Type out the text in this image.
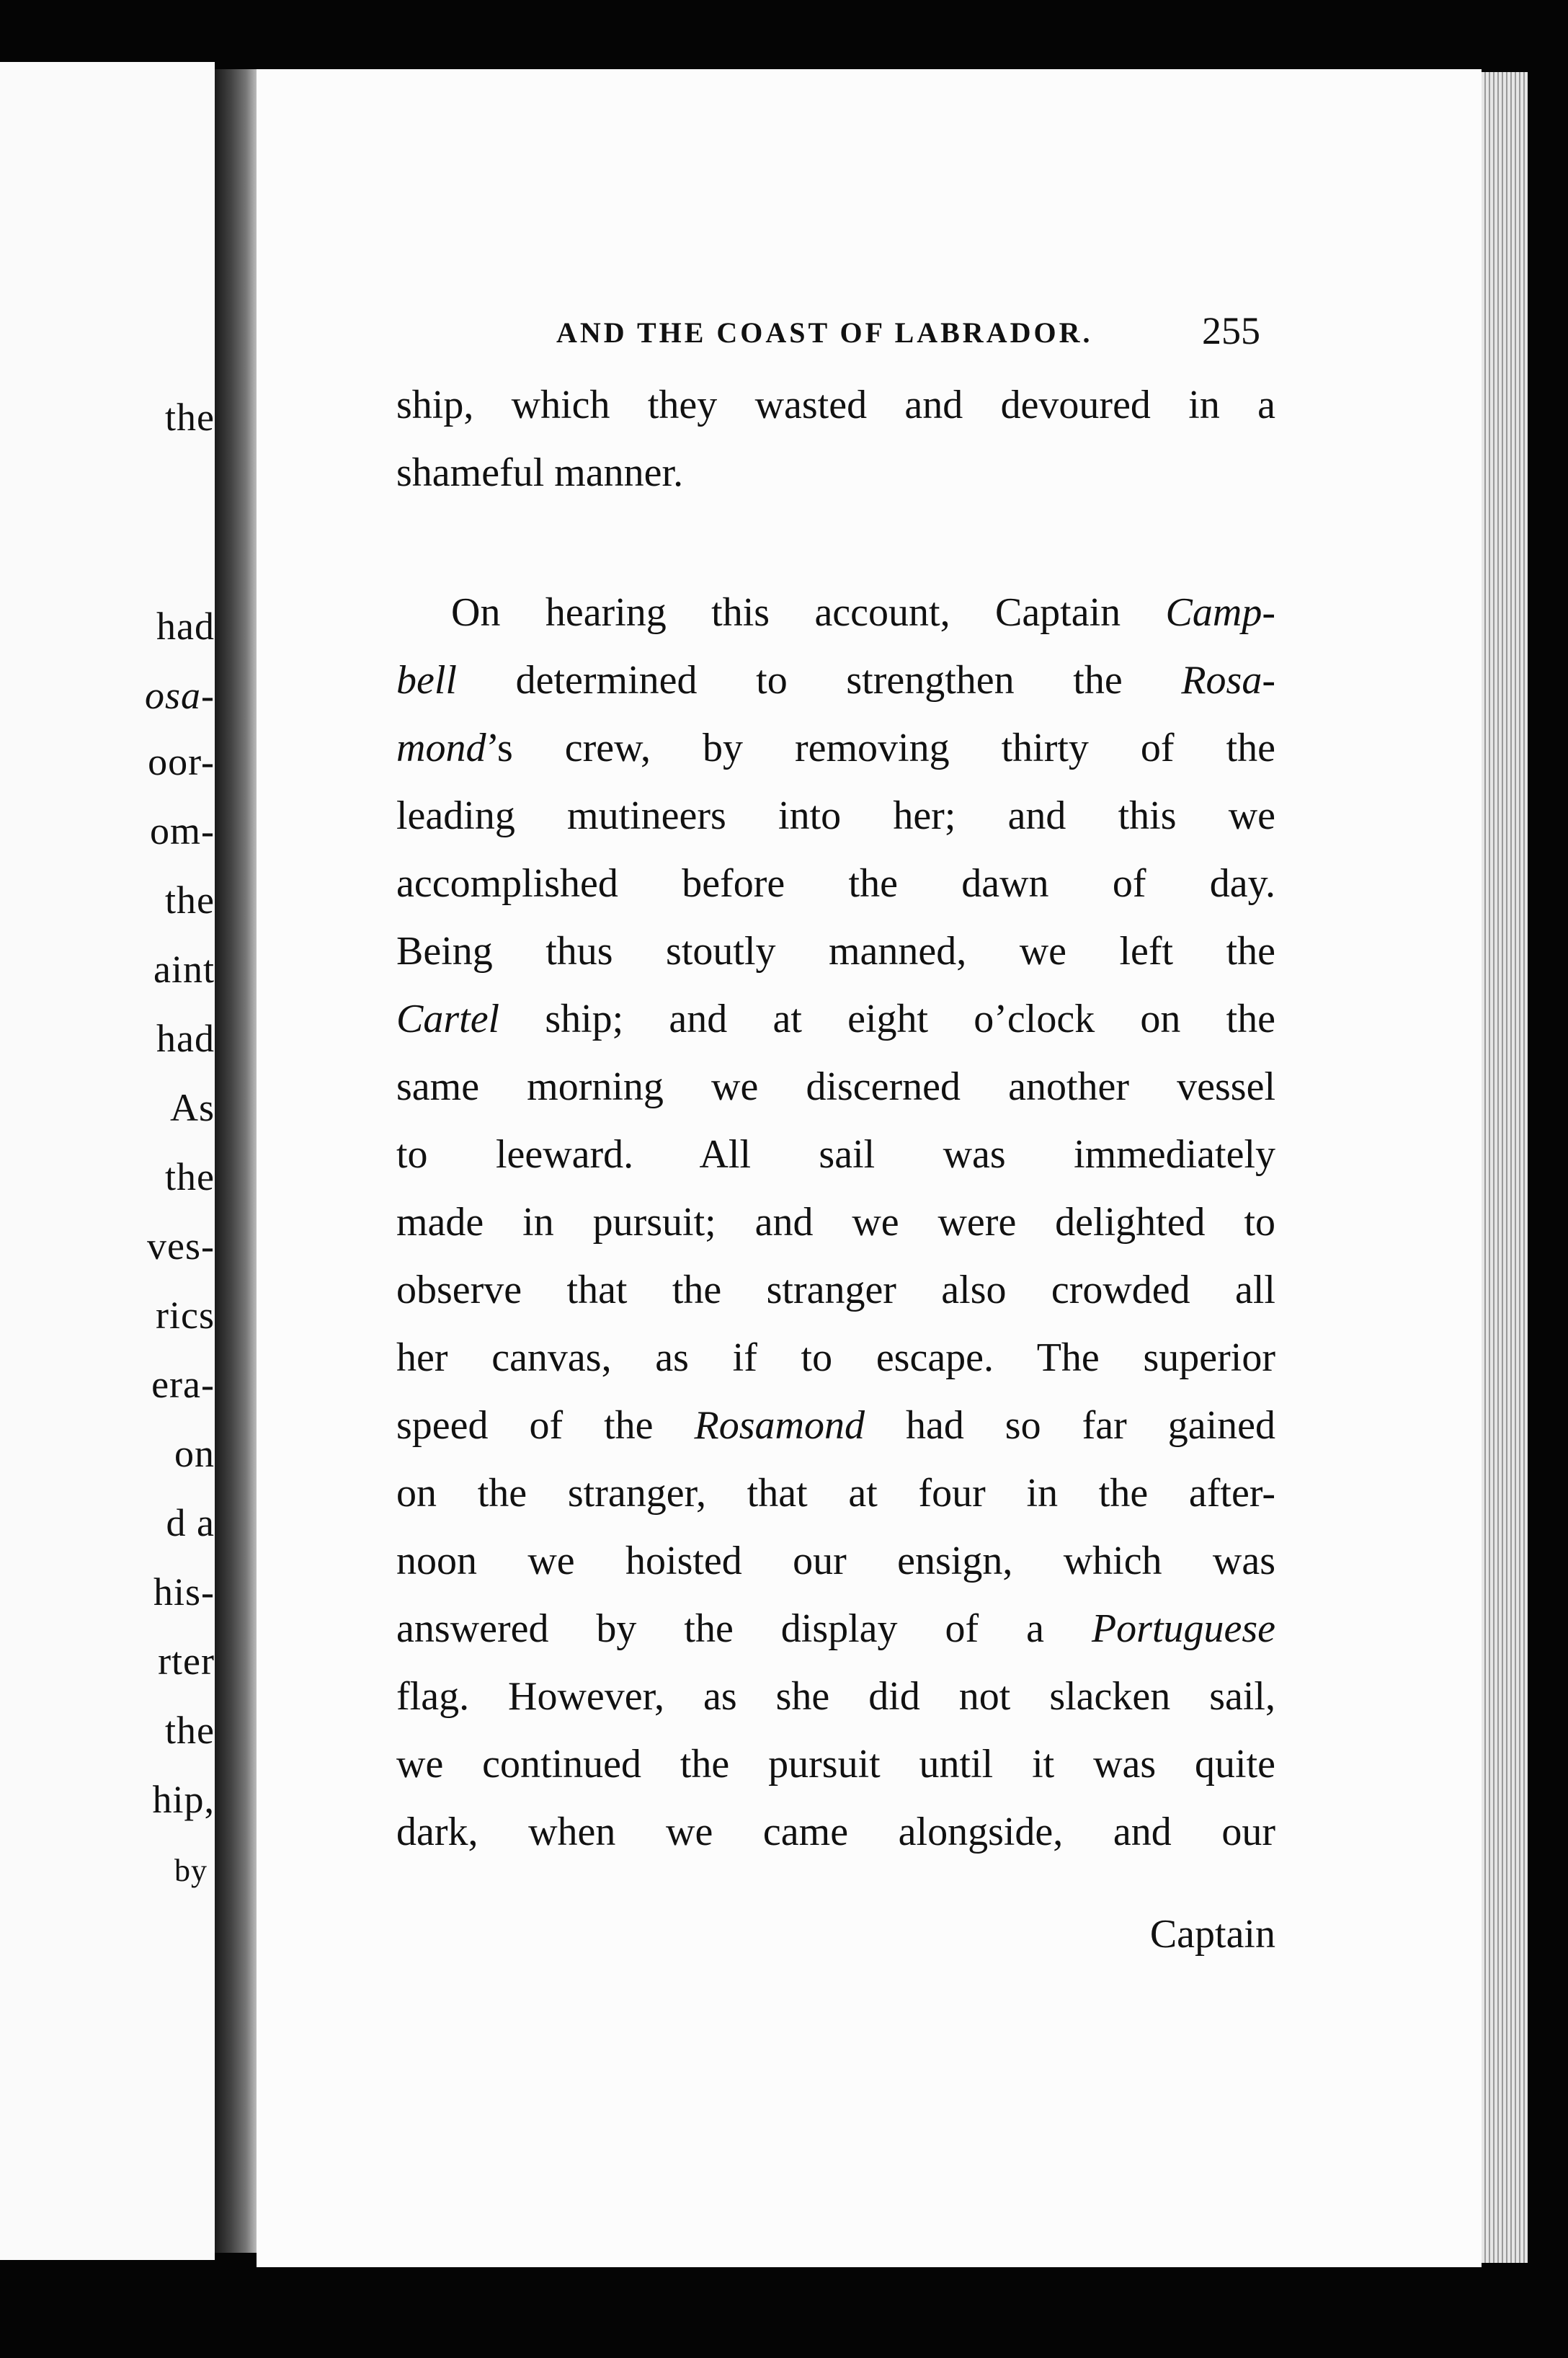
the
had
osa-
oor-
om-
the
aint
had
As
the
ves-
rics
era-
on
d a
his-
rter
the
hip,
by
AND THE COAST OF LABRADOR.	255
ship, which they wasted and devoured in a
shameful manner.
On hearing this account, Captain Camp-
bell determined to strengthen the Rosa-
mond’s crew, by removing thirty of the
leading mutineers into her; and this we
accomplished before the dawn of day.
Being thus stoutly manned, we left the
Cartel ship; and at eight o’clock on the
same morning we discerned another vessel
to leeward. All sail was immediately
made in pursuit; and we were delighted to
observe that the stranger also crowded all
her canvas, as if to escape. The superior
speed of the Rosamond had so far gained
on the stranger, that at four in the after-
noon we hoisted our ensign, which was
answered by the display of a Portuguese
flag. However, as she did not slacken sail,
we continued the pursuit until it was quite
dark, when we came alongside, and our
Captain
